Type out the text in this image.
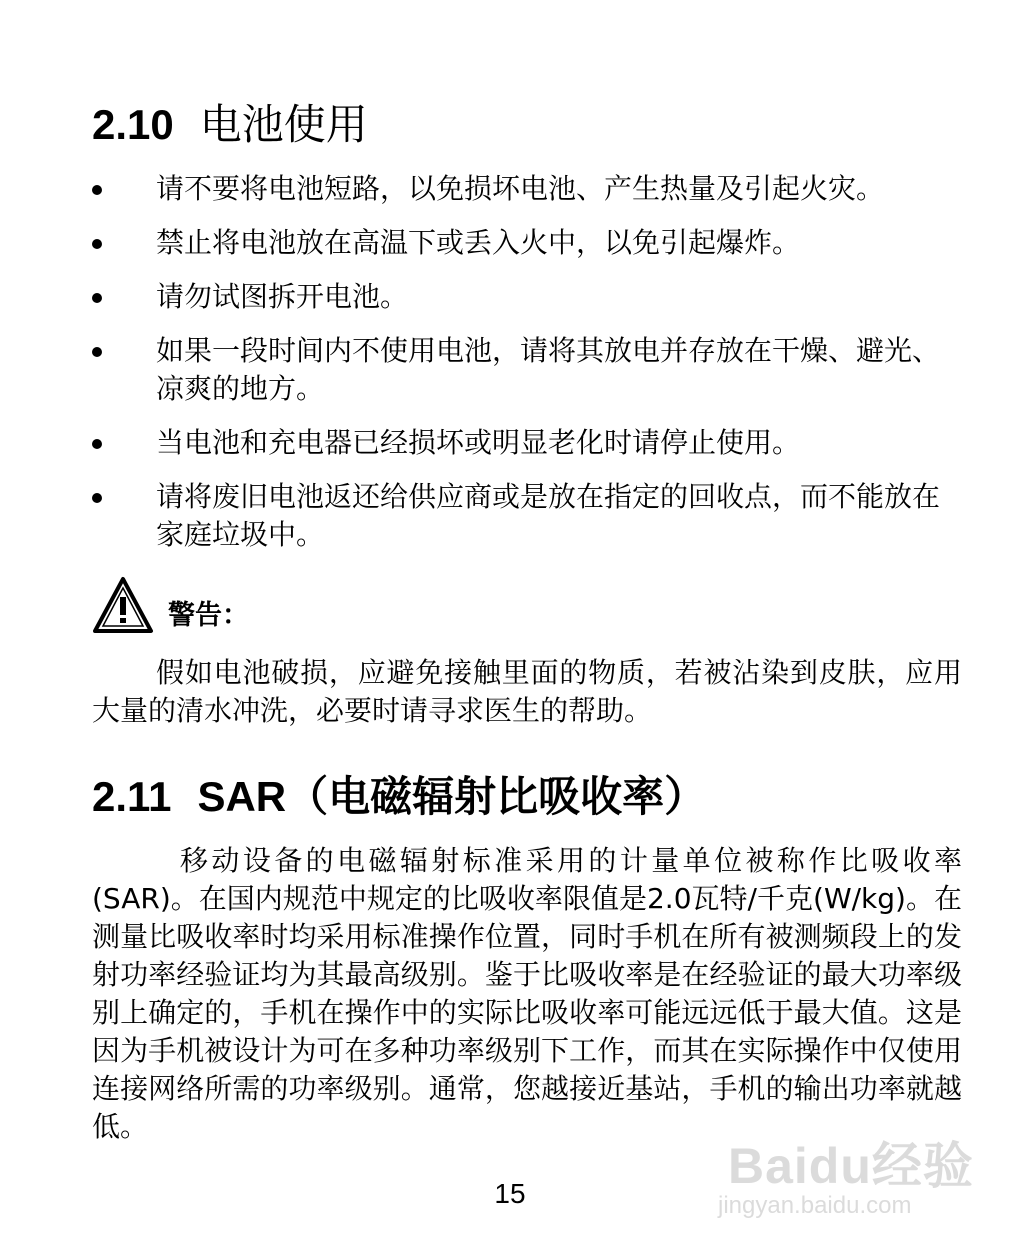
2.10 电池使用
请不要将电池短路，以免损坏电池、产生热量及引起火灾。
禁止将电池放在高温下或丢入火中，以免引起爆炸。
请勿试图拆开电池。
如果一段时间内不使用电池，请将其放电并存放在干燥、避光、凉爽的地方。
当电池和充电器已经损坏或明显老化时请停止使用。
请将废旧电池返还给供应商或是放在指定的回收点，而不能放在家庭垃圾中。
警告：

假如电池破损，应避免接触里面的物质，若被沾染到皮肤，应用大量的清水冲洗，必要时请寻求医生的帮助。

2.11 SAR（电磁辐射比吸收率）

移动设备的电磁辐射标准采用的计量单位被称作比吸收率(SAR)。在国内规范中规定的比吸收率限值是2.0瓦特/千克(W/kg)。在测量比吸收率时均采用标准操作位置，同时手机在所有被测频段上的发射功率经验证均为其最高级别。鉴于比吸收率是在经验证的最大功率级别上确定的，手机在操作中的实际比吸收率可能远远低于最大值。这是因为手机被设计为可在多种功率级别下工作，而其在实际操作中仅使用连接网络所需的功率级别。通常，您越接近基站，手机的输出功率就越低。

15	Baidu经验
jingyan.baidu.com
